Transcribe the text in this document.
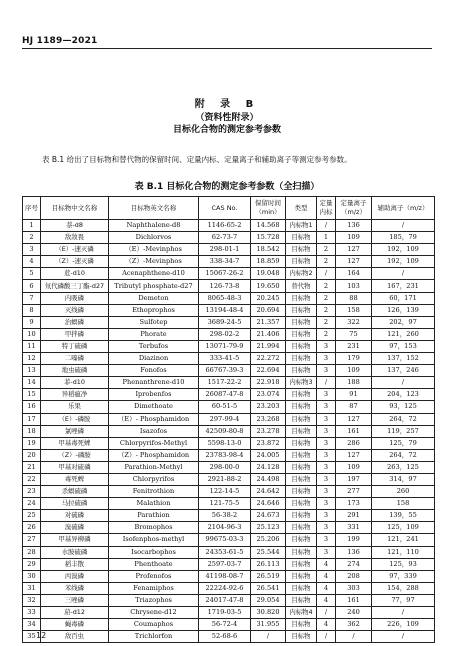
HJ 1189—2021
附 录 B
（资料性附录）
目标化合物的测定参考参数
表 B.1 给出了目标物和替代物的保留时间、定量内标、定量离子和辅助离子等测定参考参数。
表 B.1 目标化合物的测定参考参数（全扫描）
序号	目标物中文名称	目标物英文名称	CAS No.	保留时间（min）	类型	定量内标	定量离子（m/z）	辅助离子（m/z）
1	萘-d8	Naphthalene-d8	1146-65-2	14.568	内标物1	/	136	/
2	敌敌畏	Dichlorvos	62-73-7	15.728	目标物	1	109	185，79
3	（E）-速灭磷	（E）-Mevinphos	298-01-1	18.542	目标物	2	127	192，109
4	（Z）-速灭磷	（Z）-Mevinphos	338-34-7	18.859	目标物	2	127	192，109
5	苊-d10	Acenaphthene-d10	15067-26-2	19.048	内标物2	/	164	/
6	氘代磷酸三丁酯-d27	Tributyl phosphate-d27	126-73-8	19.650	替代物	2	103	167，231
7	内吸磷	Demeton	8065-48-3	20.245	目标物	2	88	60，171
8	灭线磷	Ethoprophos	13194-48-4	20.694	目标物	2	158	126，139
9	治螟磷	Sulfotep	3689-24-5	21.357	目标物	2	322	202，97
10	甲拌磷	Phorate	298-02-2	21.406	目标物	2	75	121，260
11	特丁硫磷	Terbufos	13071-79-9	21.994	目标物	3	231	97，153
12	二嗪磷	Diazinon	333-41-5	22.272	目标物	3	179	137，152
13	地虫硫磷	Fonofos	66767-39-3	22.694	目标物	3	109	137，246
14	菲-d10	Phenanthrene-d10	1517-22-2	22.918	内标物3	/	188	/
15	异稻瘟净	Iprobenfos	26087-47-8	23.074	目标物	3	91	204，123
16	乐果	Dimethoate	60-51-5	23.203	目标物	3	87	93，125
17	（E）-磷胺	（E）- Phosphamidon	297-99-4	23.268	目标物	3	127	264，72
18	氯唑磷	Isazofos	42509-80-8	23.278	目标物	3	161	119，257
19	甲基毒死蜱	Chlorpyrifos-Methyl	5598-13-0	23.872	目标物	3	286	125，79
20	（Z）-磷胺	（Z）- Phosphamidon	23783-98-4	24.005	目标物	3	127	264，72
21	甲基对硫磷	Parathion-Methyl	298-00-0	24.128	目标物	3	109	263，125
22	毒死蜱	Chlorpyrifos	2921-88-2	24.498	目标物	3	197	314，97
23	杀螟硫磷	Fenitrothion	122-14-5	24.642	目标物	3	277	260
24	马拉硫磷	Malathion	121-75-5	24.646	目标物	3	173	158
25	对硫磷	Parathion	56-38-2	24.673	目标物	3	291	139，55
26	溴硫磷	Bromophos	2104-96-3	25.123	目标物	3	331	125，109
27	甲基异柳磷	Isofenphos-methyl	99675-03-3	25.206	目标物	3	199	121，241
28	水胺硫磷	Isocarbophos	24353-61-5	25.544	目标物	3	136	121，110
29	稻丰散	Phenthoate	2597-03-7	26.113	目标物	4	274	125，93
30	丙溴磷	Profenofos	41198-08-7	26.519	目标物	4	208	97，339
31	苯线磷	Fenamiphos	22224-92-6	26.541	目标物	4	303	154，288
32	三唑磷	Triazophos	24017-47-8	29.054	目标物	4	161	77，97
33	䓛-d12	Chrysene-d12	1719-03-5	30.820	内标物4	/	240	/
34	蝇毒磷	Coumaphos	56-72-4	31.955	目标物	4	362	226，109
35	敌百虫	Trichlorfon	52-68-6	/	目标物	/	/	/
12
